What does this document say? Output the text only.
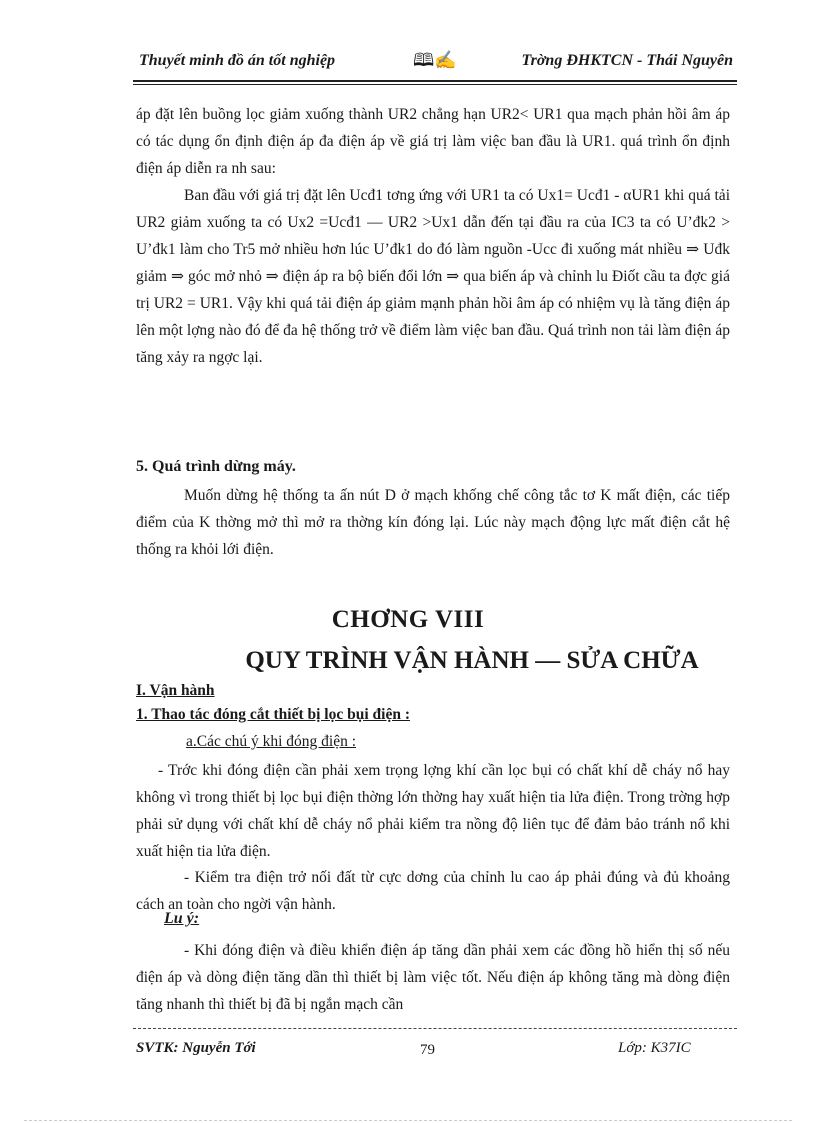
Thuyết minh đồ án tốt nghiệp	🕮✍	Trờng ĐHKTCN - Thái Nguyên
áp đặt lên buồng lọc giảm xuống thành UR2 chẳng hạn UR2< UR1 qua mạch phản hồi âm áp có tác dụng ổn định điện áp đa điện áp về giá trị làm việc ban đầu là UR1. quá trình ổn định điện áp diễn ra nh sau:
Ban đầu với giá trị đặt lên Ucđ1 tơng ứng với UR1 ta có Ux1= Ucđ1 - αUR1 khi quá tải UR2 giảm xuống ta có Ux2 =Ucđ1 — UR2 >Ux1 dẫn đến tại đầu ra của IC3 ta có U’đk2 > U’đk1 làm cho Tr5 mở nhiều hơn lúc U’đk1 do đó làm nguồn -Ucc đi xuống mát nhiều ⇒ Uđk giảm ⇒ góc mở nhỏ ⇒ điện áp ra bộ biến đổi lớn ⇒ qua biến áp và chỉnh lu Điốt cầu ta đợc giá trị UR2 = UR1. Vậy khi quá tải điện áp giảm mạnh phản hồi âm áp có nhiệm vụ là tăng điện áp lên một lợng nào đó để đa hệ thống trở về điểm làm việc ban đầu. Quá trình non tải làm điện áp tăng xảy ra ngợc lại.
5. Quá trình dừng máy.
Muốn dừng hệ thống ta ấn nút D ở mạch khống chế công tắc tơ K mất điện, các tiếp điểm của K thờng mở thì mở ra thờng kín đóng lại. Lúc này mạch động lực mất điện cắt hệ thống ra khỏi lới điện.
CHƠNG VIII
QUY TRÌNH VẬN HÀNH — SỬA CHỮA
I. Vận hành
1. Thao tác đóng cắt thiết bị lọc bụi điện :
a.Các chú ý khi đóng điện :
- Trớc khi đóng điện cần phải xem trọng lợng khí cần lọc bụi có chất khí dễ cháy nổ hay không vì trong thiết bị lọc bụi điện thờng lớn thờng hay xuất hiện tia lửa điện. Trong trờng hợp phải sử dụng với chất khí dễ cháy nổ phải kiểm tra nồng độ liên tục để đảm bảo tránh nổ khi xuất hiện tia lửa điện.
- Kiểm tra điện trở nối đất từ cực dơng của chỉnh lu cao áp phải đúng và đủ khoảng cách an toàn cho ngời vận hành.
Lu ý:
- Khi đóng điện và điều khiển điện áp tăng dần phải xem các đồng hồ hiển thị số nếu điện áp và dòng điện tăng dần thì thiết bị làm việc tốt. Nếu điện áp không tăng mà dòng điện tăng nhanh thì thiết bị đã bị ngắn mạch cần
SVTK: Nguyễn Tới	79	Lớp: K37IC
